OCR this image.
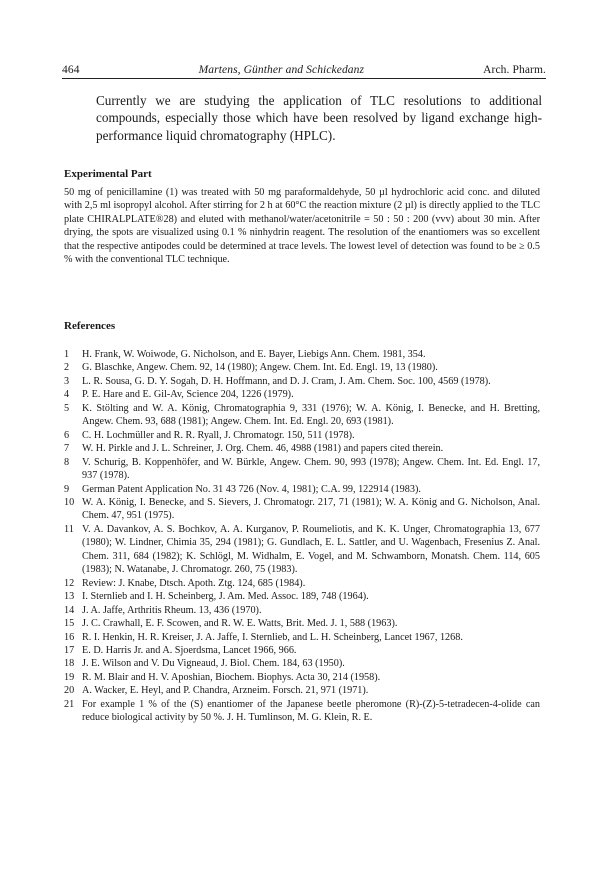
464	Martens, Günther and Schickedanz	Arch. Pharm.

Currently we are studying the application of TLC resolutions to additional compounds, especially those which have been resolved by ligand exchange high-performance liquid chromatography (HPLC).

Experimental Part

50 mg of penicillamine (1) was treated with 50 mg paraformaldehyde, 50 µl hydrochloric acid conc. and diluted with 2,5 ml isopropyl alcohol. After stirring for 2 h at 60°C the reaction mixture (2 µl) is directly applied to the TLC plate CHIRALPLATE®28) and eluted with methanol/water/acetonitrile = 50 : 50 : 200 (vvv) about 30 min. After drying, the spots are visualized using 0.1 % ninhydrin reagent. The resolution of the enantiomers was so excellent that the respective antipodes could be determined at trace levels. The lowest level of detection was found to be ≥ 0.5 % with the conventional TLC technique.

References
1	H. Frank, W. Woiwode, G. Nicholson, and E. Bayer, Liebigs Ann. Chem. 1981, 354.
2	G. Blaschke, Angew. Chem. 92, 14 (1980); Angew. Chem. Int. Ed. Engl. 19, 13 (1980).
3	L. R. Sousa, G. D. Y. Sogah, D. H. Hoffmann, and D. J. Cram, J. Am. Chem. Soc. 100, 4569 (1978).
4	P. E. Hare and E. Gil-Av, Science 204, 1226 (1979).
5	K. Stölting and W. A. König, Chromatographia 9, 331 (1976); W. A. König, I. Benecke, and H. Bretting, Angew. Chem. 93, 688 (1981); Angew. Chem. Int. Ed. Engl. 20, 693 (1981).
6	C. H. Lochmüller and R. R. Ryall, J. Chromatogr. 150, 511 (1978).
7	W. H. Pirkle and J. L. Schreiner, J. Org. Chem. 46, 4988 (1981) and papers cited therein.
8	V. Schurig, B. Koppenhöfer, and W. Bürkle, Angew. Chem. 90, 993 (1978); Angew. Chem. Int. Ed. Engl. 17, 937 (1978).
9	German Patent Application No. 31 43 726 (Nov. 4, 1981); C.A. 99, 122914 (1983).
10 W. A. König, I. Benecke, and S. Sievers, J. Chromatogr. 217, 71 (1981); W. A. König and G. Nicholson, Anal. Chem. 47, 951 (1975).
11 V. A. Davankov, A. S. Bochkov, A. A. Kurganov, P. Roumeliotis, and K. K. Unger, Chromatographia 13, 677 (1980); W. Lindner, Chimia 35, 294 (1981); G. Gundlach, E. L. Sattler, and U. Wagenbach, Fresenius Z. Anal. Chem. 311, 684 (1982); K. Schlögl, M. Widhalm, E. Vogel, and M. Schwamborn, Monatsh. Chem. 114, 605 (1983); N. Watanabe, J. Chromatogr. 260, 75 (1983).
12 Review: J. Knabe, Dtsch. Apoth. Ztg. 124, 685 (1984).
13 I. Sternlieb and I. H. Scheinberg, J. Am. Med. Assoc. 189, 748 (1964).
14 J. A. Jaffe, Arthritis Rheum. 13, 436 (1970).
15 J. C. Crawhall, E. F. Scowen, and R. W. E. Watts, Brit. Med. J. 1, 588 (1963).
16 R. I. Henkin, H. R. Kreiser, J. A. Jaffe, I. Sternlieb, and L. H. Scheinberg, Lancet 1967, 1268.
17 E. D. Harris Jr. and A. Sjoerdsma, Lancet 1966, 966.
18 J. E. Wilson and V. Du Vigneaud, J. Biol. Chem. 184, 63 (1950).
19 R. M. Blair and H. V. Aposhian, Biochem. Biophys. Acta 30, 214 (1958).
20 A. Wacker, E. Heyl, and P. Chandra, Arzneim. Forsch. 21, 971 (1971).
21 For example 1 % of the (S) enantiomer of the Japanese beetle pheromone (R)-(Z)-5-tetradecen-4-olide can reduce biological activity by 50 %. J. H. Tumlinson, M. G. Klein, R. E.
